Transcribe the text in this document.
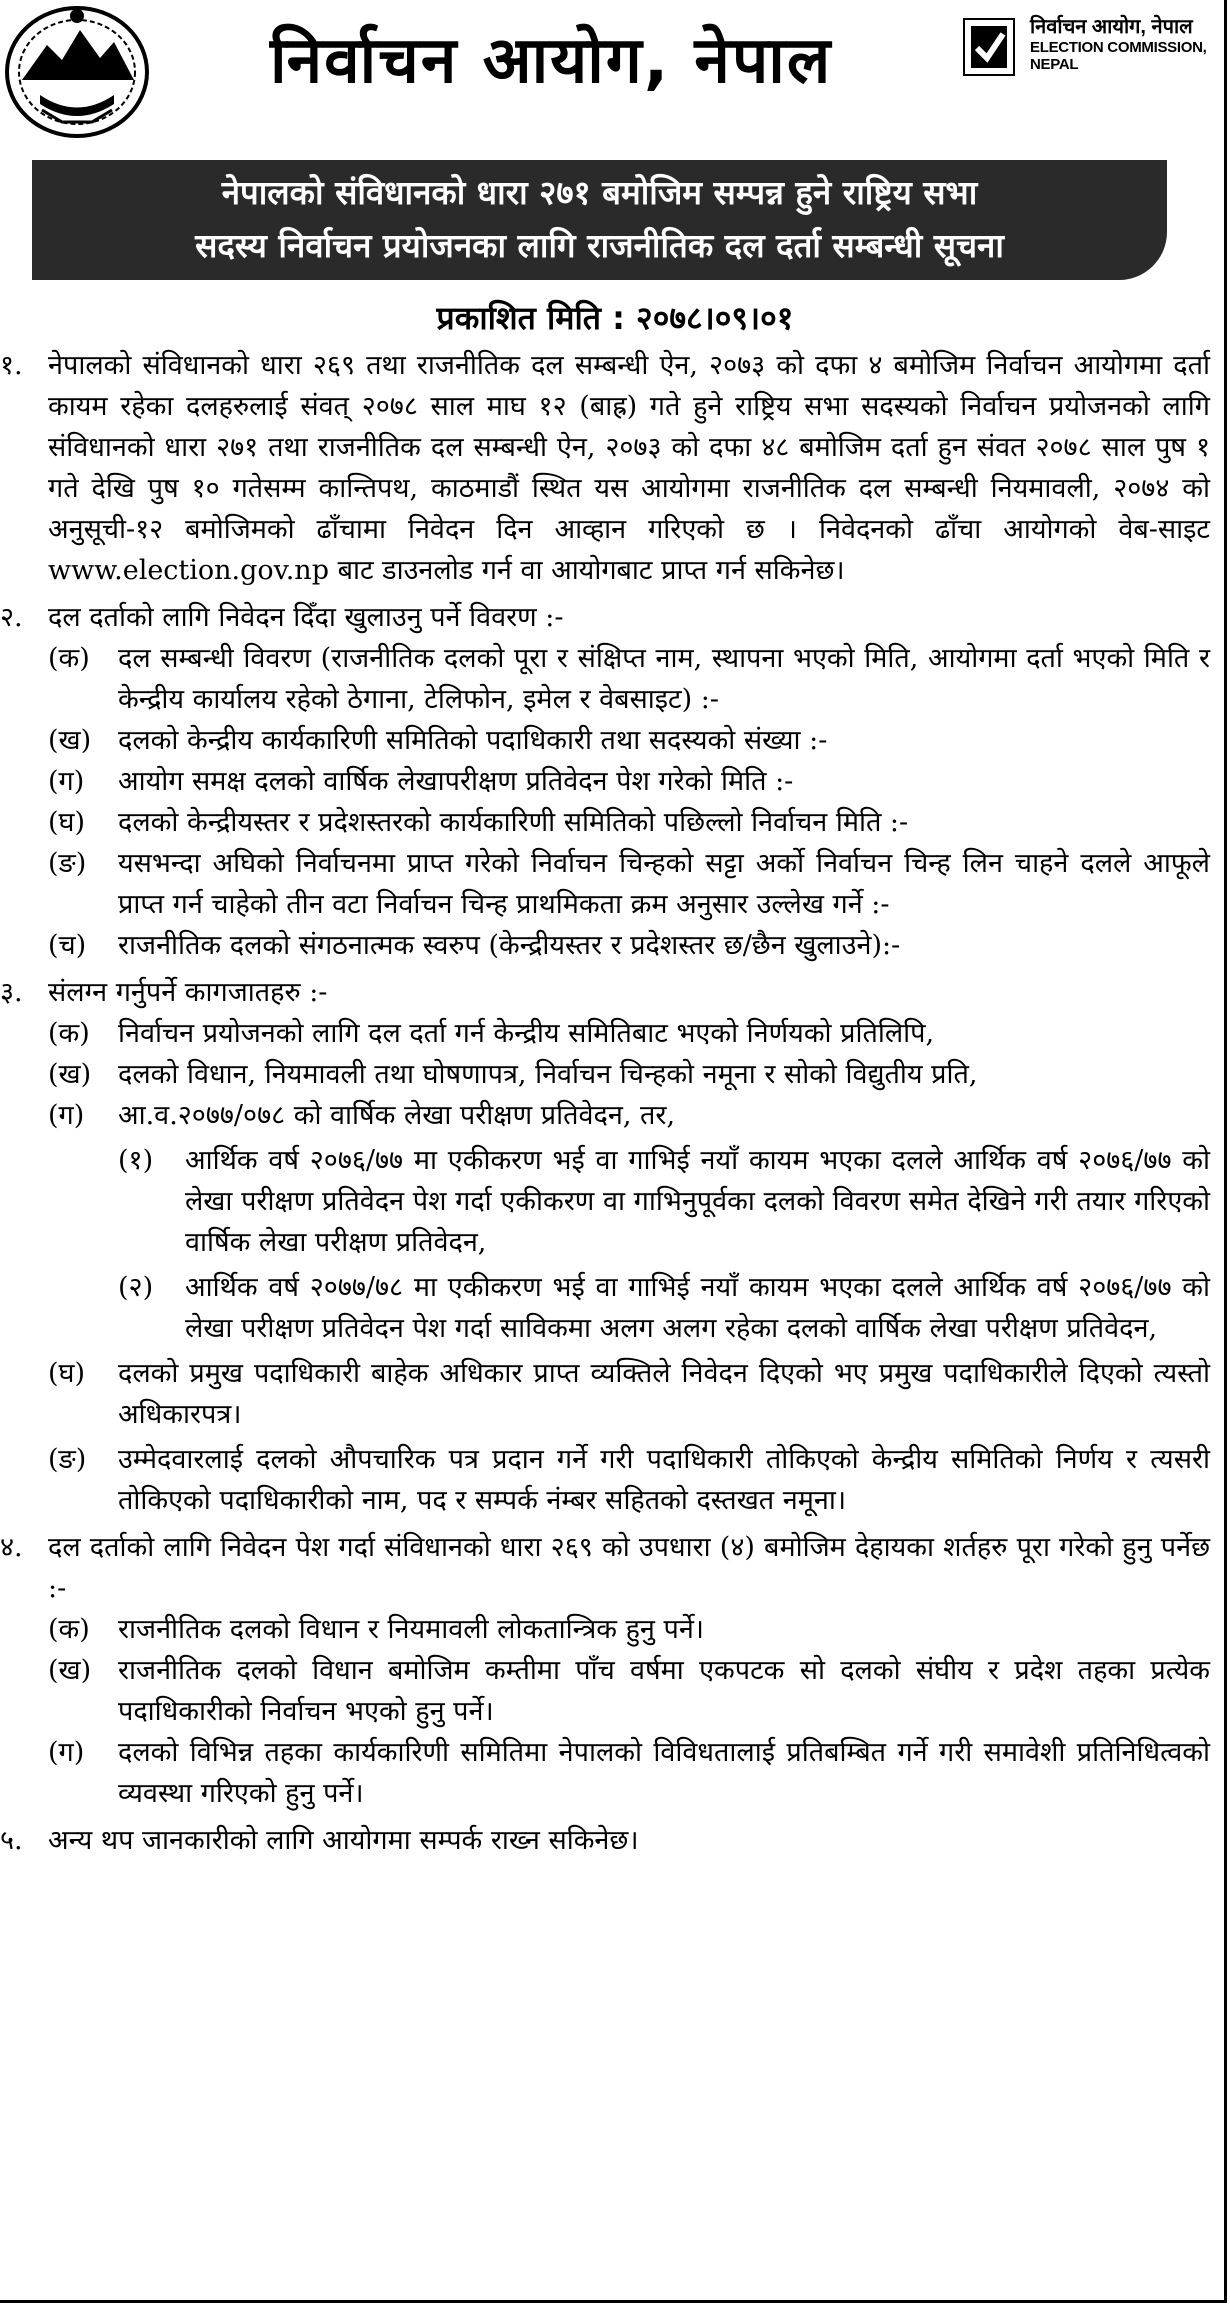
निर्वाचन आयोग, नेपाल	निर्वाचन आयोग, नेपाल
ELECTION COMMISSION, NEPAL
नेपालको संविधानको धारा २७१ बमोजिम सम्पन्न हुने राष्ट्रिय सभा
सदस्य निर्वाचन प्रयोजनका लागि राजनीतिक दल दर्ता सम्बन्धी सूचना
प्रकाशित मिति : २०७८।०९।०१
१. नेपालको संविधानको धारा २६९ तथा राजनीतिक दल सम्बन्धी ऐन, २०७३ को दफा ४ बमोजिम निर्वाचन आयोगमा दर्ता कायम रहेका दलहरुलाई संवत् २०७८ साल माघ १२ (बाह्र) गते हुने राष्ट्रिय सभा सदस्यको निर्वाचन प्रयोजनको लागि संविधानको धारा २७१ तथा राजनीतिक दल सम्बन्धी ऐन, २०७३ को दफा ४८ बमोजिम दर्ता हुन संवत २०७८ साल पुष १ गते देखि पुष १० गतेसम्म कान्तिपथ, काठमाडौं स्थित यस आयोगमा राजनीतिक दल सम्बन्धी नियमावली, २०७४ को अनुसूची-१२ बमोजिमको ढाँचामा निवेदन दिन आव्हान गरिएको छ । निवेदनको ढाँचा आयोगको वेब-साइट www.election.gov.np बाट डाउनलोड गर्न वा आयोगबाट प्राप्त गर्न सकिनेछ।
२. दल दर्ताको लागि निवेदन दिँदा खुलाउनु पर्ने विवरण :-
(क)	दल सम्बन्धी विवरण (राजनीतिक दलको पूरा र संक्षिप्त नाम, स्थापना भएको मिति, आयोगमा दर्ता भएको मिति र केन्द्रीय कार्यालय रहेको ठेगाना, टेलिफोन, इमेल र वेबसाइट) :-
(ख) दलको केन्द्रीय कार्यकारिणी समितिको पदाधिकारी तथा सदस्यको संख्या :-
(ग)	आयोग समक्ष दलको वार्षिक लेखापरीक्षण प्रतिवेदन पेश गरेको मिति :-
(घ)	दलको केन्द्रीयस्तर र प्रदेशस्तरको कार्यकारिणी समितिको पछिल्लो निर्वाचन मिति :-
(ङ)	यसभन्दा अघिको निर्वाचनमा प्राप्त गरेको निर्वाचन चिन्हको सट्टा अर्को निर्वाचन चिन्ह लिन चाहने दलले आफूले प्राप्त गर्न चाहेको तीन वटा निर्वाचन चिन्ह प्राथमिकता क्रम अनुसार उल्लेख गर्ने :-
(च)	राजनीतिक दलको संगठनात्मक स्वरुप (केन्द्रीयस्तर र प्रदेशस्तर छ/छैन खुलाउने):-
३. संलग्न गर्नुपर्ने कागजातहरु :-
(क)	निर्वाचन प्रयोजनको लागि दल दर्ता गर्न केन्द्रीय समितिबाट भएको निर्णयको प्रतिलिपि,
(ख) दलको विधान, नियमावली तथा घोषणापत्र, निर्वाचन चिन्हको नमूना र सोको विद्युतीय प्रति,
(ग)	आ.व.२०७७/०७८ को वार्षिक लेखा परीक्षण प्रतिवेदन, तर,
(१)	आर्थिक वर्ष २०७६/७७ मा एकीकरण भई वा गाभिई नयाँ कायम भएका दलले आर्थिक वर्ष २०७६/७७ को लेखा परीक्षण प्रतिवेदन पेश गर्दा एकीकरण वा गाभिनुपूर्वका दलको विवरण समेत देखिने गरी तयार गरिएको वार्षिक लेखा परीक्षण प्रतिवेदन,
(२)	आर्थिक वर्ष २०७७/७८ मा एकीकरण भई वा गाभिई नयाँ कायम भएका दलले आर्थिक वर्ष २०७६/७७ को लेखा परीक्षण प्रतिवेदन पेश गर्दा साविकमा अलग अलग रहेका दलको वार्षिक लेखा परीक्षण प्रतिवेदन,
(घ)	दलको प्रमुख पदाधिकारी बाहेक अधिकार प्राप्त व्यक्तिले निवेदन दिएको भए प्रमुख पदाधिकारीले दिएको त्यस्तो अधिकारपत्र।
(ङ)	उम्मेदवारलाई दलको औपचारिक पत्र प्रदान गर्ने गरी पदाधिकारी तोकिएको केन्द्रीय समितिको निर्णय र त्यसरी तोकिएको पदाधिकारीको नाम, पद र सम्पर्क नंम्बर सहितको दस्तखत नमूना।
४. दल दर्ताको लागि निवेदन पेश गर्दा संविधानको धारा २६९ को उपधारा (४) बमोजिम देहायका शर्तहरु पूरा गरेको हुनु पर्नेछ :-
(क)	राजनीतिक दलको विधान र नियमावली लोकतान्त्रिक हुनु पर्ने।
(ख) राजनीतिक दलको विधान बमोजिम कम्तीमा पाँच वर्षमा एकपटक सो दलको संघीय र प्रदेश तहका प्रत्येक पदाधिकारीको निर्वाचन भएको हुनु पर्ने।
(ग)	दलको विभिन्न तहका कार्यकारिणी समितिमा नेपालको विविधतालाई प्रतिबम्बित गर्ने गरी समावेशी प्रतिनिधित्वको व्यवस्था गरिएको हुनु पर्ने।
५. अन्य थप जानकारीको लागि आयोगमा सम्पर्क राख्न सकिनेछ।
